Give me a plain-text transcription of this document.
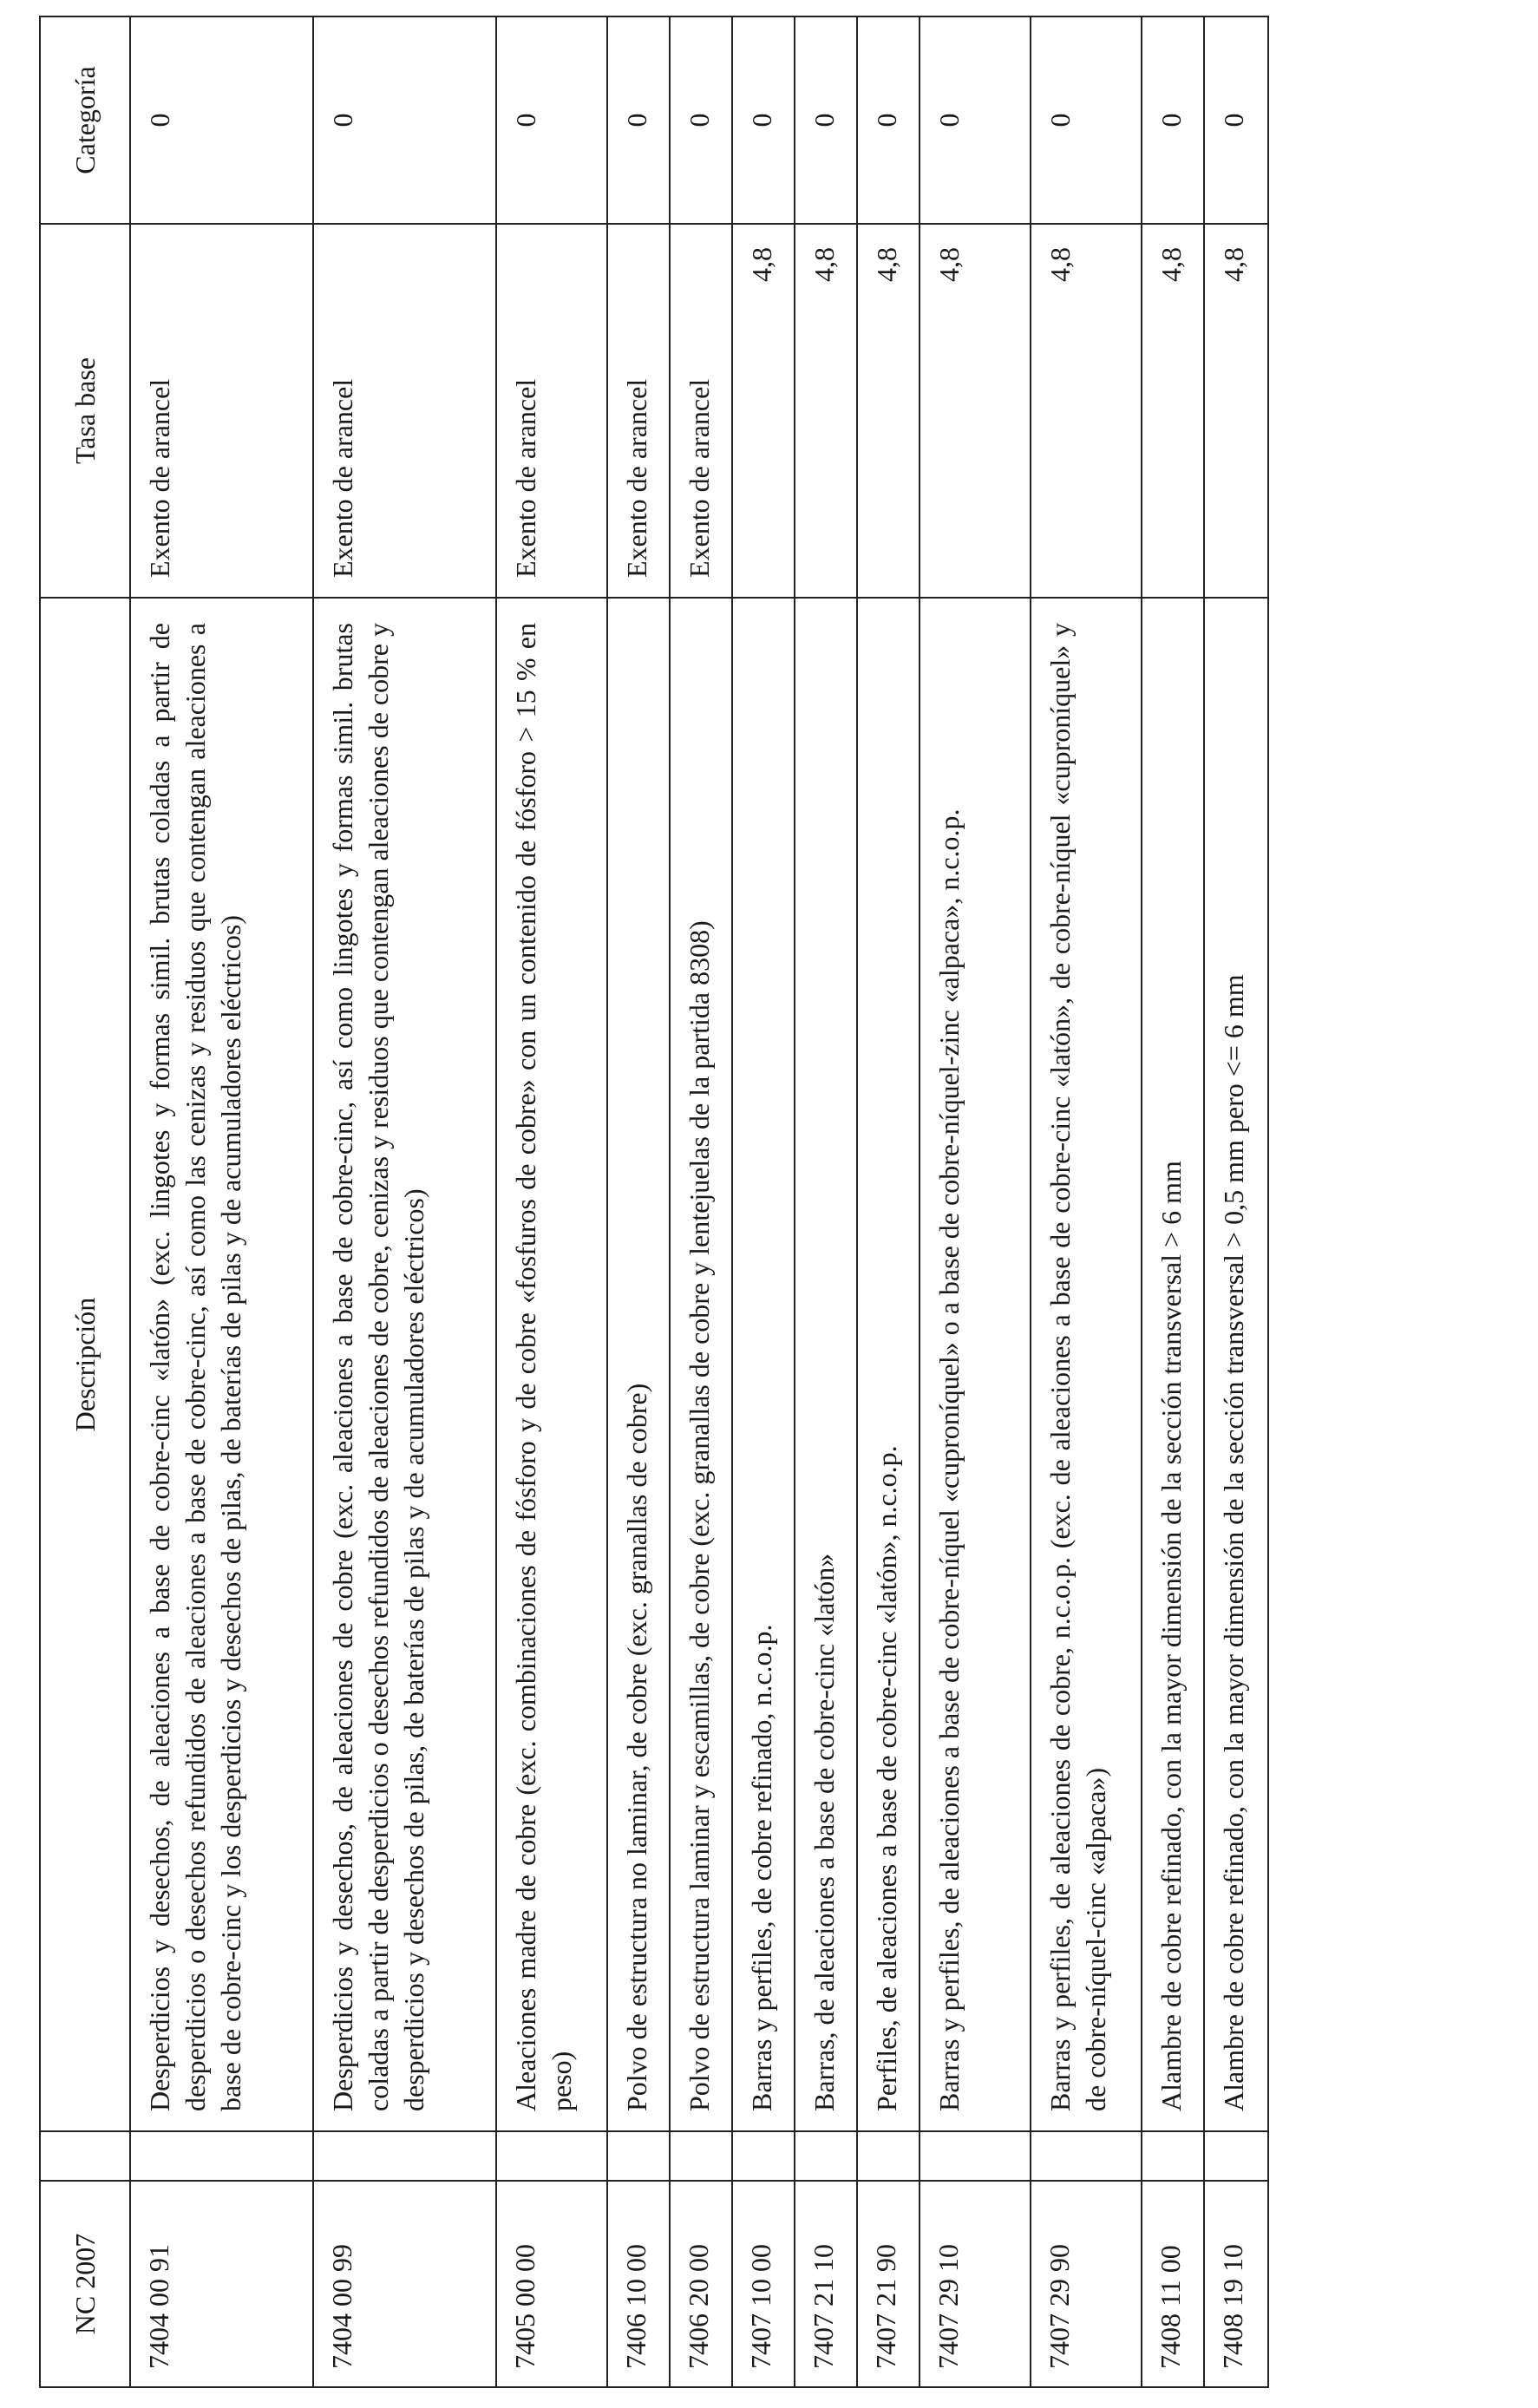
NC 2007		Descripción	Tasa base	Categoría
7404 00 91		Desperdicios y desechos, de aleaciones a base de cobre-cinc «latón» (exc. lingotes y formas simil. brutas coladas a partir de desperdicios o desechos refundidos de aleaciones a base de cobre-cinc, así como las cenizas y residuos que contengan aleaciones a base de cobre-cinc y los desperdicios y desechos de pilas, de baterías de pilas y de acumuladores eléctricos)	Exento de arancel	0
7404 00 99		Desperdicios y desechos, de aleaciones de cobre (exc. aleaciones a base de cobre-cinc, así como lingotes y formas simil. brutas coladas a partir de desperdicios o desechos refundidos de aleaciones de cobre, cenizas y residuos que contengan aleaciones de cobre y desperdicios y desechos de pilas, de baterías de pilas y de acumuladores eléctricos)	Exento de arancel	0
7405 00 00		Aleaciones madre de cobre (exc. combinaciones de fósforo y de cobre «fosfuros de cobre» con un contenido de fósforo > 15 % en peso)	Exento de arancel	0
7406 10 00		Polvo de estructura no laminar, de cobre (exc. granallas de cobre)	Exento de arancel	0
7406 20 00		Polvo de estructura laminar y escamillas, de cobre (exc. granallas de cobre y lentejuelas de la partida 8308)	Exento de arancel	0
7407 10 00		Barras y perfiles, de cobre refinado, n.c.o.p.	4,8	0
7407 21 10		Barras, de aleaciones a base de cobre-cinc «latón»	4,8	0
7407 21 90		Perfiles, de aleaciones a base de cobre-cinc «latón», n.c.o.p.	4,8	0
7407 29 10		Barras y perfiles, de aleaciones a base de cobre-níquel «cuproníquel» o a base de cobre-níquel-zinc «alpaca», n.c.o.p.	4,8	0
7407 29 90		Barras y perfiles, de aleaciones de cobre, n.c.o.p. (exc. de aleaciones a base de cobre-cinc «latón», de cobre-níquel «cuproníquel» y de cobre-níquel-cinc «alpaca»)	4,8	0
7408 11 00		Alambre de cobre refinado, con la mayor dimensión de la sección transversal > 6 mm	4,8	0
7408 19 10		Alambre de cobre refinado, con la mayor dimensión de la sección transversal > 0,5 mm pero <= 6 mm	4,8	0
